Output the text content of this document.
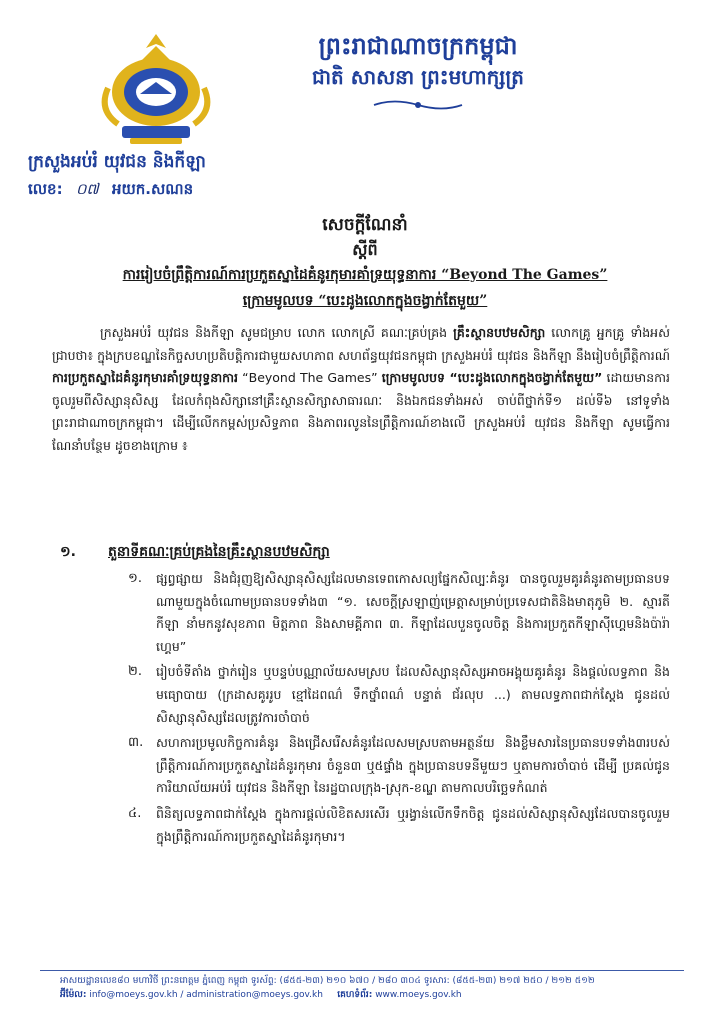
ព្រះរាជាណាចក្រកម្ពុជា
ជាតិ សាសនា ព្រះមហាក្សត្រ
ក្រសួងអប់រំ យុវជន និងកីឡា
លេខ: ០៧ អយក.សណន
សេចក្ដីណែនាំ
ស្ដីពី
ការរៀបចំព្រឹត្តិការណ៍ការប្រកួតស្នាដៃគំនូរកុមារគាំទ្រយុទ្ធនាការ “Beyond The Games”
ក្រោមមូលបទ “បេះដូងលោកក្នុងចង្វាក់តែមួយ”

ក្រសួងអប់រំ យុវជន និងកីឡា សូមជម្រាប លោក លោកស្រី គណៈគ្រប់គ្រង គ្រឹះស្ថានបឋមសិក្សា លោកគ្រូ អ្នកគ្រូ ទាំងអស់ ជ្រាបថា៖ ក្នុងក្របខណ្ឌនៃកិច្ចសហប្រតិបត្តិការជាមួយសហភាព សហព័ន្ធយុវជនកម្ពុជា ក្រសួងអប់រំ យុវជន និងកីឡា នឹងរៀបចំព្រឹត្តិការណ៍ ការប្រកួតស្នាដៃគំនូរកុមារគាំទ្រយុទ្ធនាការ “Beyond The Games” ក្រោមមូលបទ “បេះដូងលោកក្នុងចង្វាក់តែមួយ” ដោយមានការចូលរួមពីសិស្សានុសិស្ស ដែលកំពុងសិក្សានៅគ្រឹះស្ថានសិក្សាសាធារណៈ និងឯកជនទាំងអស់ ចាប់ពីថ្នាក់ទី១ ដល់ទី៦ នៅទូទាំងព្រះរាជាណាចក្រកម្ពុជា។ ដើម្បីលើកកម្ពស់ប្រសិទ្ធភាព និងភាពរលូននៃព្រឹត្តិការណ៍ខាងលើ ក្រសួងអប់រំ យុវជន និងកីឡា សូមធ្វើការណែនាំបន្ថែម ដូចខាងក្រោម ៖

១.	តួនាទីគណៈគ្រប់គ្រងនៃគ្រឹះស្ថានបឋមសិក្សា
១.	ផ្សព្វផ្សាយ និងជំរុញឱ្យសិស្សានុសិស្សដែលមានទេពកោសល្យផ្នែកសិល្បៈគំនូរ បានចូលរួមគូរគំនូរតាមប្រធានបទណាមួយក្នុងចំណោមប្រធានបទទាំង៣ “១. សេចក្ដីស្រឡាញ់ម្រេត្តាសម្រាប់ប្រទេសជាតិនិងមាតុភូមិ ២. ស្មារតីកីឡា នាំមកនូវសុខភាព មិត្តភាព និងសាមគ្គីភាព ៣. កីឡាដែលបួនចូលចិត្ត និងការប្រកួតកីឡាស៊ីហ្គេមនិងប៉ារ៉ាហ្គេម”
២.	រៀបចំទីតាំង ថ្នាក់រៀន ឬបន្ទប់បណ្ណាល័យសមស្រប ដែលសិស្សានុសិស្សអាចអង្គុយគូរគំនូរ និងផ្ដល់លទ្ធភាព និងមធ្យោបាយ (ក្រដាសគូររូប ខ្មៅដៃពណ៌ ទឹកថ្នាំពណ៌ បន្ទាត់ ជ័រលុប ...) តាមលទ្ធភាពជាក់ស្ដែង ជូនដល់សិស្សានុសិស្សដែលត្រូវការចាំបាច់
៣.	សហការប្រមូលកិច្ចការគំនូរ និងជ្រើសរើសគំនូរដែលសមស្របតាមអត្ថន័យ និងខ្លឹមសារនៃប្រធានបទទាំង៣របស់ព្រឹត្តិការណ៍ការប្រកួតស្នាដៃគំនូរកុមារ ចំនួន៣ ឬ៥ផ្ទាំង ក្នុងប្រធានបទនីមួយៗ ឬតាមការចាំបាច់ ដើម្បី ប្រគល់ជូនការិយាល័យអប់រំ យុវជន និងកីឡា នៃរដ្ឋបាលក្រុង-ស្រុក-ខណ្ឌ តាមកាលបរិច្ឆេទកំណត់
៤.	ពិនិត្យលទ្ធភាពជាក់ស្ដែង ក្នុងការផ្ដល់លិខិតសរសើរ ឬរង្វាន់លើកទឹកចិត្ត ជូនដល់សិស្សានុសិស្សដែលបានចូលរួមក្នុងព្រឹត្តិការណ៍ការប្រកួតស្នាដៃគំនូរកុមារ។
អាសយដ្ឋានលេខ៨០ មហាវិថី ព្រះនរោត្តម ភ្នំពេញ កម្ពុជា ទូរស័ព្ទ: (៨៥៥-២៣) ២១០ ៦៧០ / ២៨០ ៣០៤ ទូរសារ: (៨៥៥-២៣) ២១៧ ២៥០ / ២១២ ៥១២
អ៊ីម៉ែល: info@moeys.gov.kh / administration@moeys.gov.kh គេហទំព័រ: www.moeys.gov.kh
